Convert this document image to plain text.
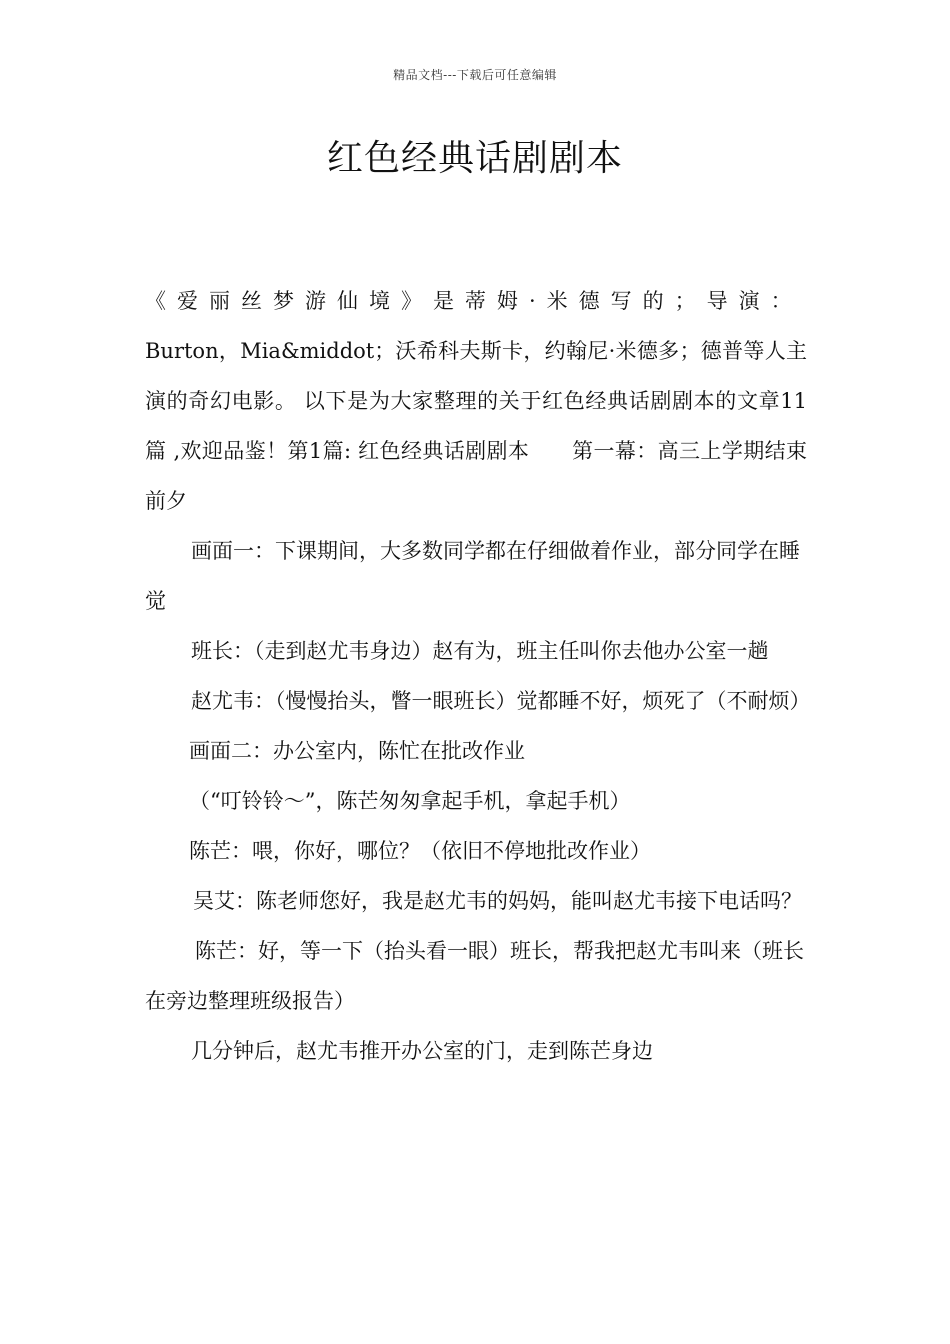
精品文档---下载后可任意编辑
红色经典话剧剧本

《爱丽丝梦游仙境》是蒂姆·米德写的；导演：
Burton，Mia&middot；沃希科夫斯卡，约翰尼·米德多；德普等人主演的奇幻电影。 以下是为大家整理的关于红色经典话剧剧本的文章11篇 ,欢迎品鉴！第1篇: 红色经典话剧剧本　　第一幕：高三上学期结束前夕

画面一：下课期间，大多数同学都在仔细做着作业，部分同学在睡觉

班长：（走到赵尤韦身边）赵有为，班主任叫你去他办公室一趟

赵尤韦：（慢慢抬头，瞥一眼班长）觉都睡不好，烦死了（不耐烦）

画面二：办公室内，陈忙在批改作业

（“叮铃铃～”，陈芒匆匆拿起手机，拿起手机）

陈芒：喂，你好，哪位？（依旧不停地批改作业）

吴艾：陈老师您好，我是赵尤韦的妈妈，能叫赵尤韦接下电话吗？

陈芒：好，等一下（抬头看一眼）班长，帮我把赵尤韦叫来（班长在旁边整理班级报告）

几分钟后，赵尤韦推开办公室的门，走到陈芒身边
